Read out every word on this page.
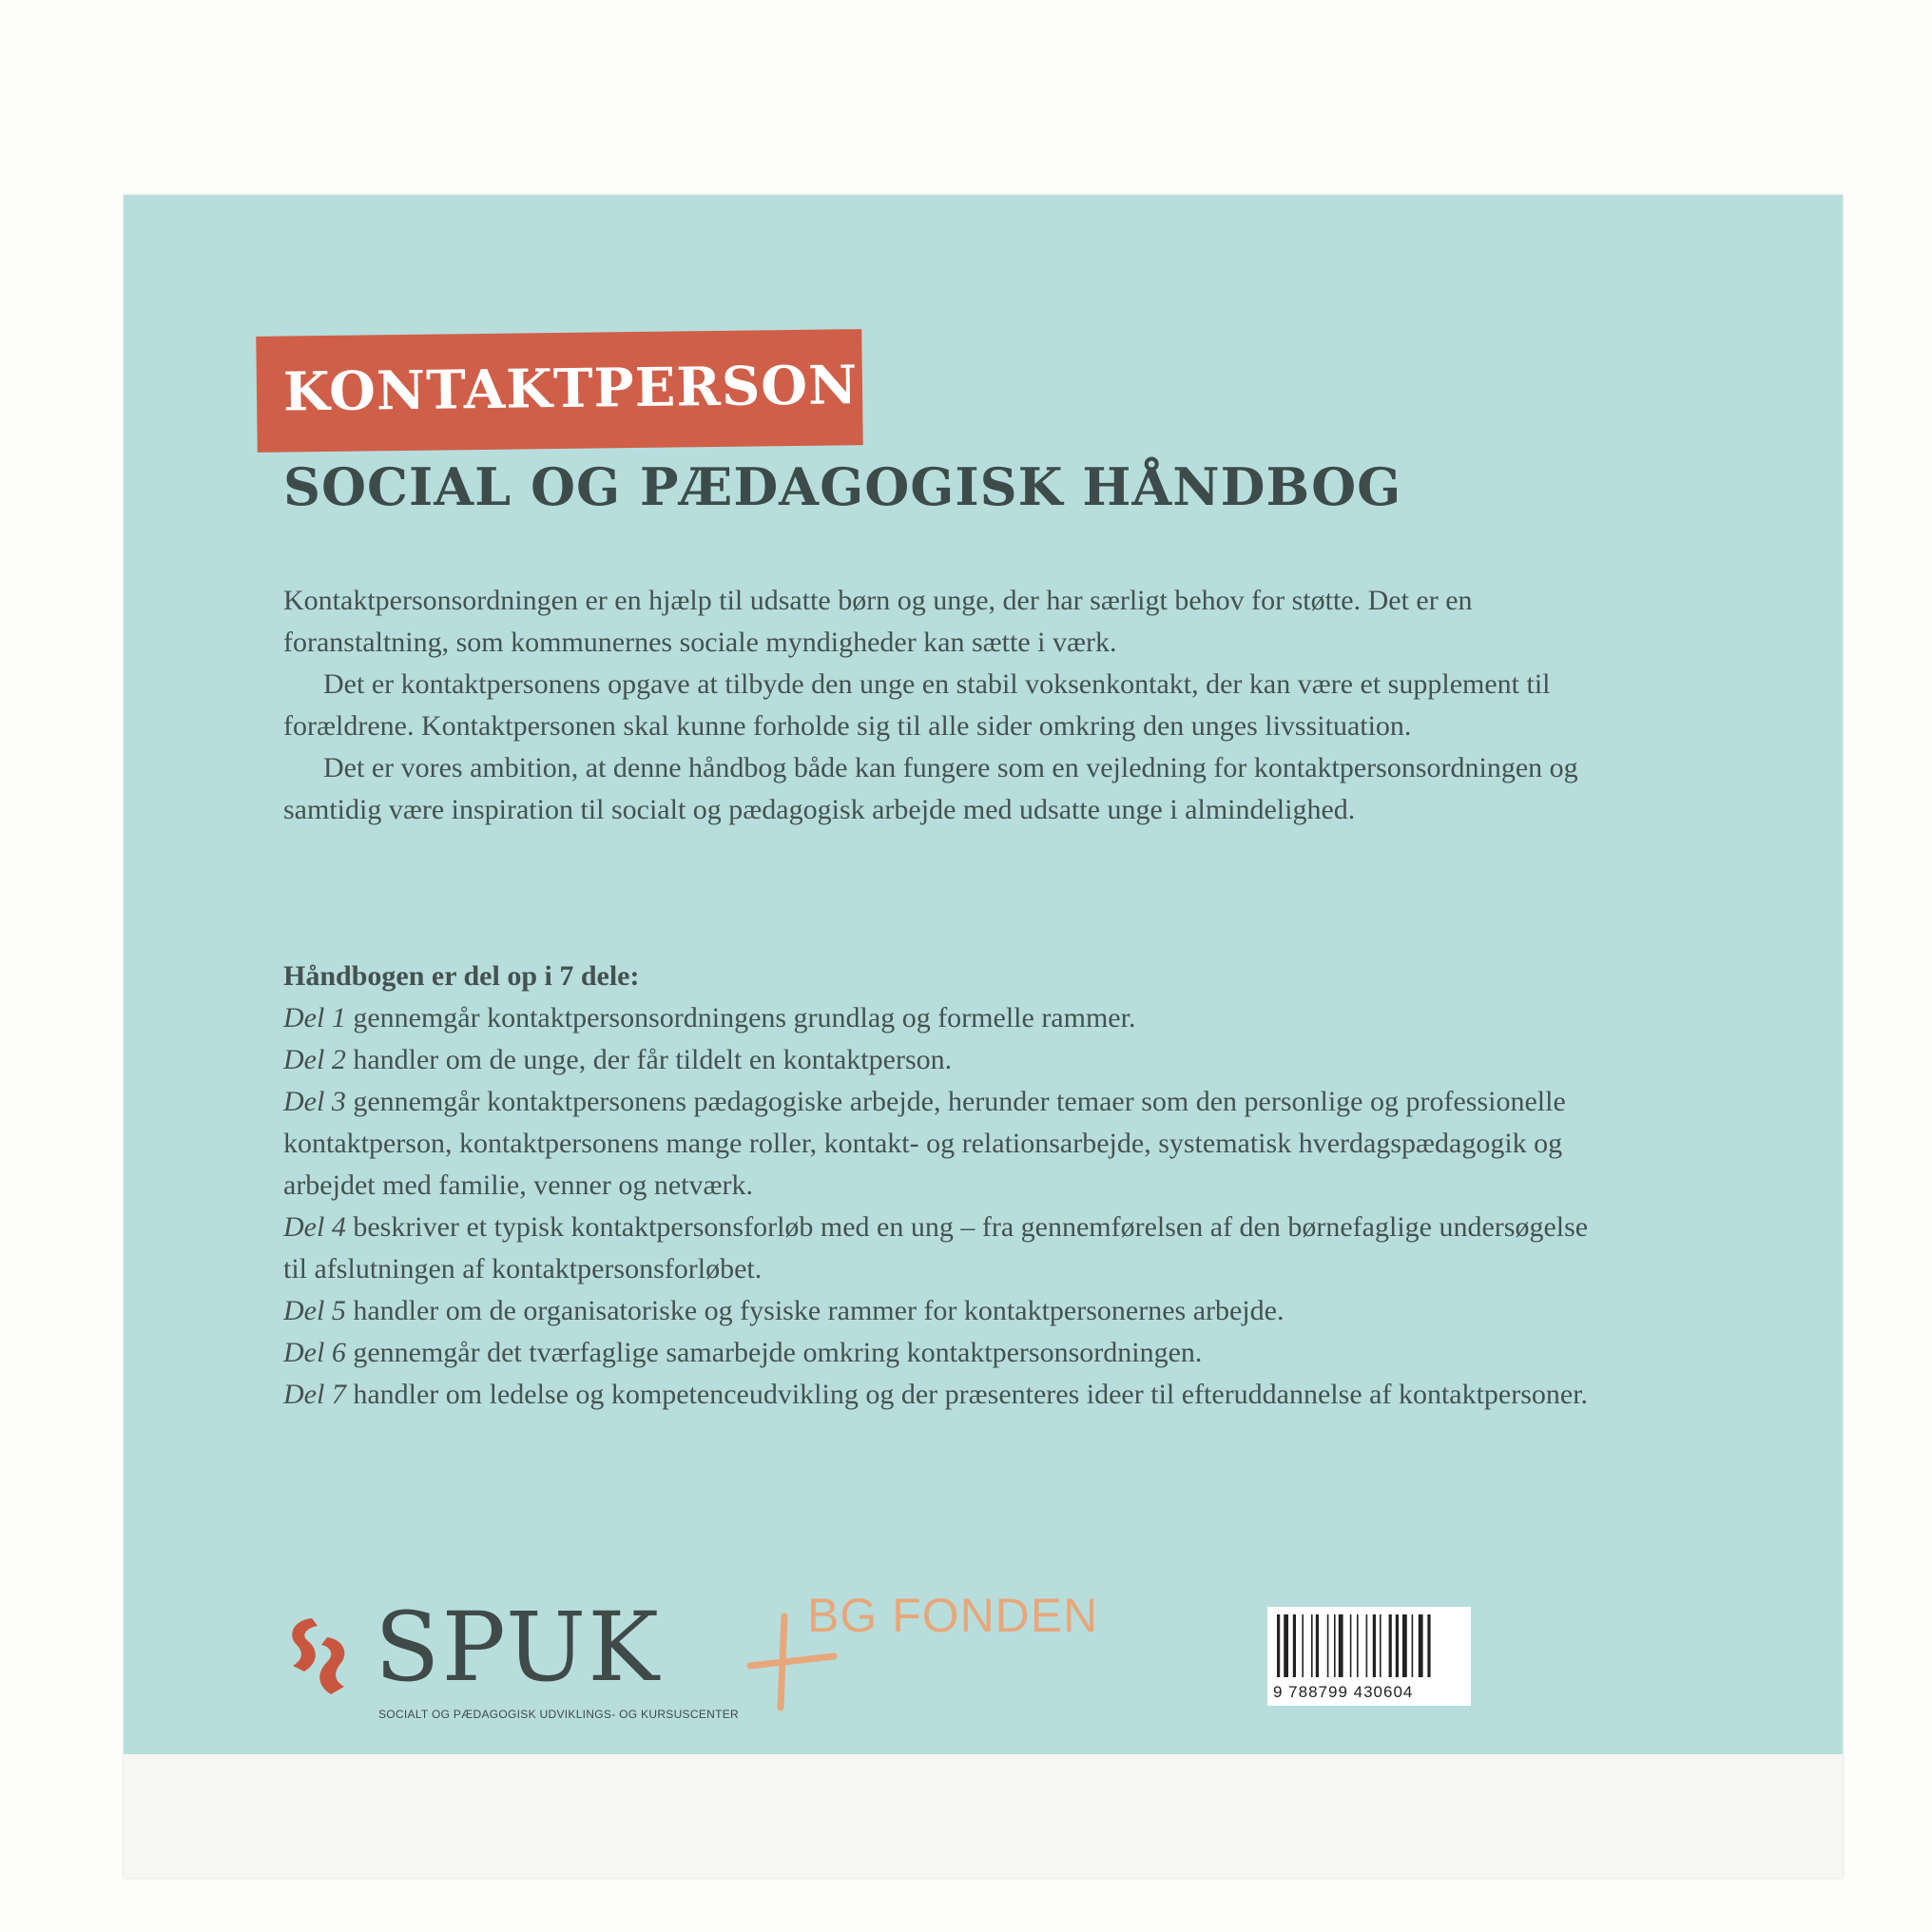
KONTAKTPERSON
SOCIAL OG PÆDAGOGISK HÅNDBOG

Kontaktpersonsordningen er en hjælp til udsatte børn og unge, der har særligt behov for støtte. Det er en foranstaltning, som kommunernes sociale myndigheder kan sætte i værk.

Det er kontaktpersonens opgave at tilbyde den unge en stabil voksenkontakt, der kan være et supplement til forældrene. Kontaktpersonen skal kunne forholde sig til alle sider omkring den unges livssituation.

Det er vores ambition, at denne håndbog både kan fungere som en vejledning for kontaktpersonsordningen og samtidig være inspiration til socialt og pædagogisk arbejde med udsatte unge i almindelighed.

Håndbogen er del op i 7 dele:

Del 1 gennemgår kontaktpersonsordningens grundlag og formelle rammer.

Del 2 handler om de unge, der får tildelt en kontaktperson.

Del 3 gennemgår kontaktpersonens pædagogiske arbejde, herunder temaer som den personlige og professionelle kontaktperson, kontaktpersonens mange roller, kontakt- og relationsarbejde, systematisk hverdagspædagogik og arbejdet med familie, venner og netværk.

Del 4 beskriver et typisk kontaktpersonsforløb med en ung – fra gennemførelsen af den børnefaglige undersøgelse til afslutningen af kontaktpersonsforløbet.

Del 5 handler om de organisatoriske og fysiske rammer for kontaktpersonernes arbejde.

Del 6 gennemgår det tværfaglige samarbejde omkring kontaktpersonsordningen.

Del 7 handler om ledelse og kompetenceudvikling og der præsenteres ideer til efteruddannelse af kontaktpersoner.

SPUK
SOCIALT OG PÆDAGOGISK UDVIKLINGS- OG KURSUSCENTER
BG FONDEN
9 788799 430604
